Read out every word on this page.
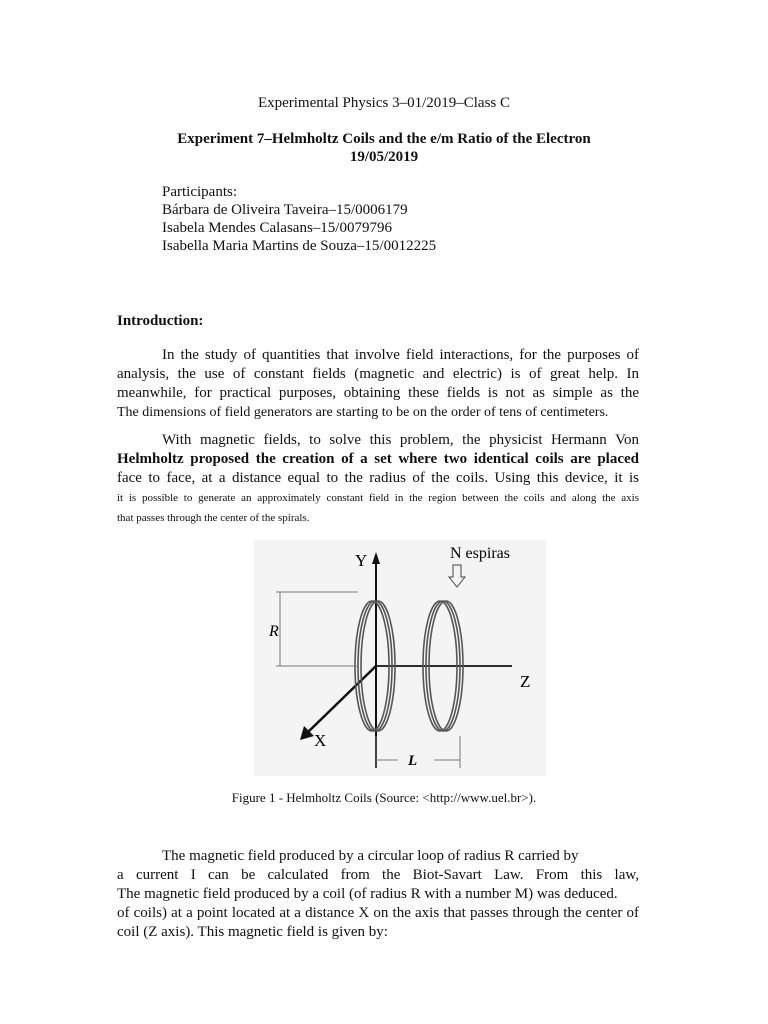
Experimental Physics 3–01/2019–Class C
Experiment 7–Helmholtz Coils and the e/m Ratio of the Electron
19/05/2019
Participants:
Bárbara de Oliveira Taveira–15/0006179
Isabela Mendes Calasans–15/0079796
Isabella Maria Martins de Souza–15/0012225
Introduction:
In the study of quantities that involve field interactions, for the purposes of
analysis, the use of constant fields (magnetic and electric) is of great help. In
meanwhile, for practical purposes, obtaining these fields is not as simple as the
The dimensions of field generators are starting to be on the order of tens of centimeters.
With magnetic fields, to solve this problem, the physicist Hermann Von
Helmholtz proposed the creation of a set where two identical coils are placed
face to face, at a distance equal to the radius of the coils. Using this device, it is
it is possible to generate an approximately constant field in the region between the coils and along the axis
that passes through the center of the spirals.
Y
Z
X
R
L
N espiras
Figure 1 - Helmholtz Coils (Source: <http://www.uel.br>).
The magnetic field produced by a circular loop of radius R carried by
a current I can be calculated from the Biot-Savart Law. From this law,
The magnetic field produced by a coil (of radius R with a number M) was deduced.
of coils) at a point located at a distance X on the axis that passes through the center of
coil (Z axis). This magnetic field is given by:
